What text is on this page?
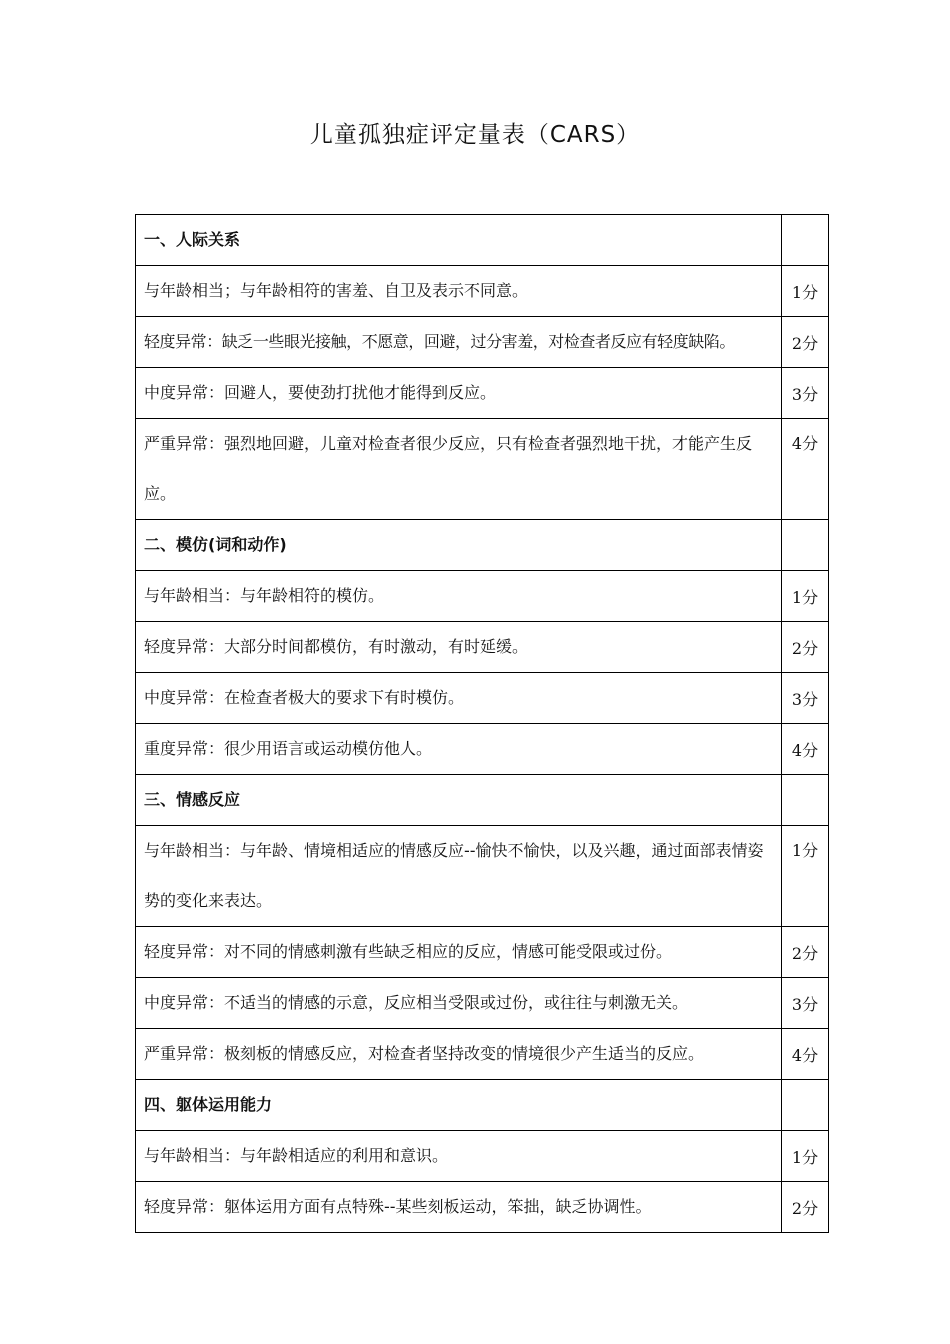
儿童孤独症评定量表（CARS）
一、人际关系	
与年龄相当；与年龄相符的害羞、自卫及表示不同意。	1分
轻度异常：缺乏一些眼光接触，不愿意，回避，过分害羞，对检查者反应有轻度缺陷。	2分
中度异常：回避人，要使劲打扰他才能得到反应。	3分
严重异常：强烈地回避，儿童对检查者很少反应，只有检查者强烈地干扰，才能产生反应。	4分
二、模仿(词和动作)	
与年龄相当：与年龄相符的模仿。	1分
轻度异常：大部分时间都模仿，有时激动，有时延缓。	2分
中度异常：在检查者极大的要求下有时模仿。	3分
重度异常：很少用语言或运动模仿他人。	4分
三、情感反应	
与年龄相当：与年龄、情境相适应的情感反应--愉快不愉快，以及兴趣，通过面部表情姿势的变化来表达。	1分
轻度异常：对不同的情感刺激有些缺乏相应的反应，情感可能受限或过份。	2分
中度异常：不适当的情感的示意，反应相当受限或过份，或往往与刺激无关。	3分
严重异常：极刻板的情感反应，对检查者坚持改变的情境很少产生适当的反应。	4分
四、躯体运用能力	
与年龄相当：与年龄相适应的利用和意识。	1分
轻度异常：躯体运用方面有点特殊--某些刻板运动，笨拙，缺乏协调性。	2分
